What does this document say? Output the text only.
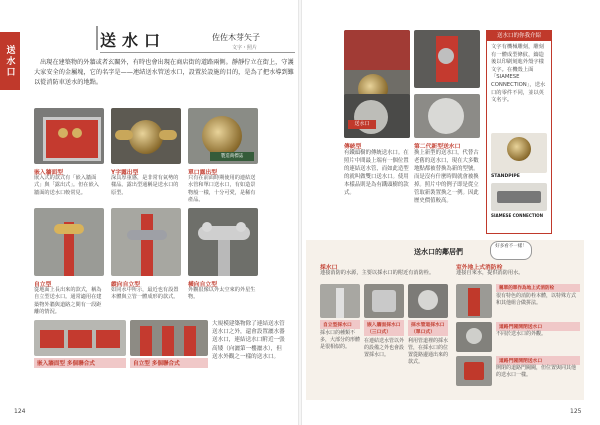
送水口
送水口	佐佐木芽矢子
文字・照片
出現在建築物的外牆或者玄關外，有時也會出現在商店街的道路兩側。靜靜佇立在街上，守護大家安全的金屬塊，它的名字是——連結送水管送水口，設置於設施的目的，是為了把水導到難以從消防車送水的地點。
製造商標誌
嵌入牆面型
嵌入式的款式有「嵌入牆面式」與「露出式」。但在嵌入牆面的送水口較常見。
Y字露出型
深具厚重感，是非常有氣勢的樣品。露出型通稱是送水口的原型。
單口露出型
只有在前面時期使用的連結送水管和單口送水口，有如造景物般一樣，十分可愛，是稀有產品。
自立型
從地面上長出來的款式，稱為自立型送水口。通常適用在建築物外牆與道路之間有一段距離的情況。
縱向自立型
如同水中所示，最近也有設置本體與立管一體成形的款式。
橫向自立型
外觀很像以外太空來的外星生物。
嵌入牆面型 多個聯合式	自立型 多個聯合式
大規模建築物除了連結送水管送水口之外，還會設置灑水器送水口，連結送水口附近一張高矮（向灑第一樓灑水），但送水外觀之一樣的送水口。
124
送水口
傳統型
有鐵頭樹的傳統送水口。在照片中間最上端有一個位置的連結送水管，而如此造型的就叫做雙口送水口。使用本樣品則是為有鐵頭樹的款式。
第二代新型送水口
換上新型的送水口，代替古老舊的送水口，現在大多數地點都被替換為新的型號。而是沒有什麼時間就會被換掉。照片中的例子即是從立管取新裝置換之一例。因此歷史價值較高。
送水口的你我介紹
文字有機械雕刻，雕刻有一體成型條紋，鑄造後以印刷刻進外殼字樣文字。在機殼上面「SIAMESE CONNECTION」，送水口的零件不同，並以英文名字。
STANDPIPE
SIAMESE CONNECTION
送水口的鄰居們
好多看不一樣！
採水口
連接消防的水源，主要以採水口的附近有消防栓。
室外地上式消防栓
連接自來水，提供消防用水。
自立型採水口
採水口的種類不多，大部分的形體是很相似的。
嵌入牆面採水口（三口式）
在連結送水管以外的設備之外也會設置採水口。
採水管道採水口（單口式）
利用管道裡的採水管，在採水口的位置從路邊通出來的款式。
稱單的單作為地上式消防栓
很有特色的消防栓本體，以特殊方式和其他組合做拼法。
道路門閥開閉送水口
不同於送水口的外觀。
道路門閥開閉送水口
開閉的道路門閥閥，但位置與同其他的送水口一樣。
125
